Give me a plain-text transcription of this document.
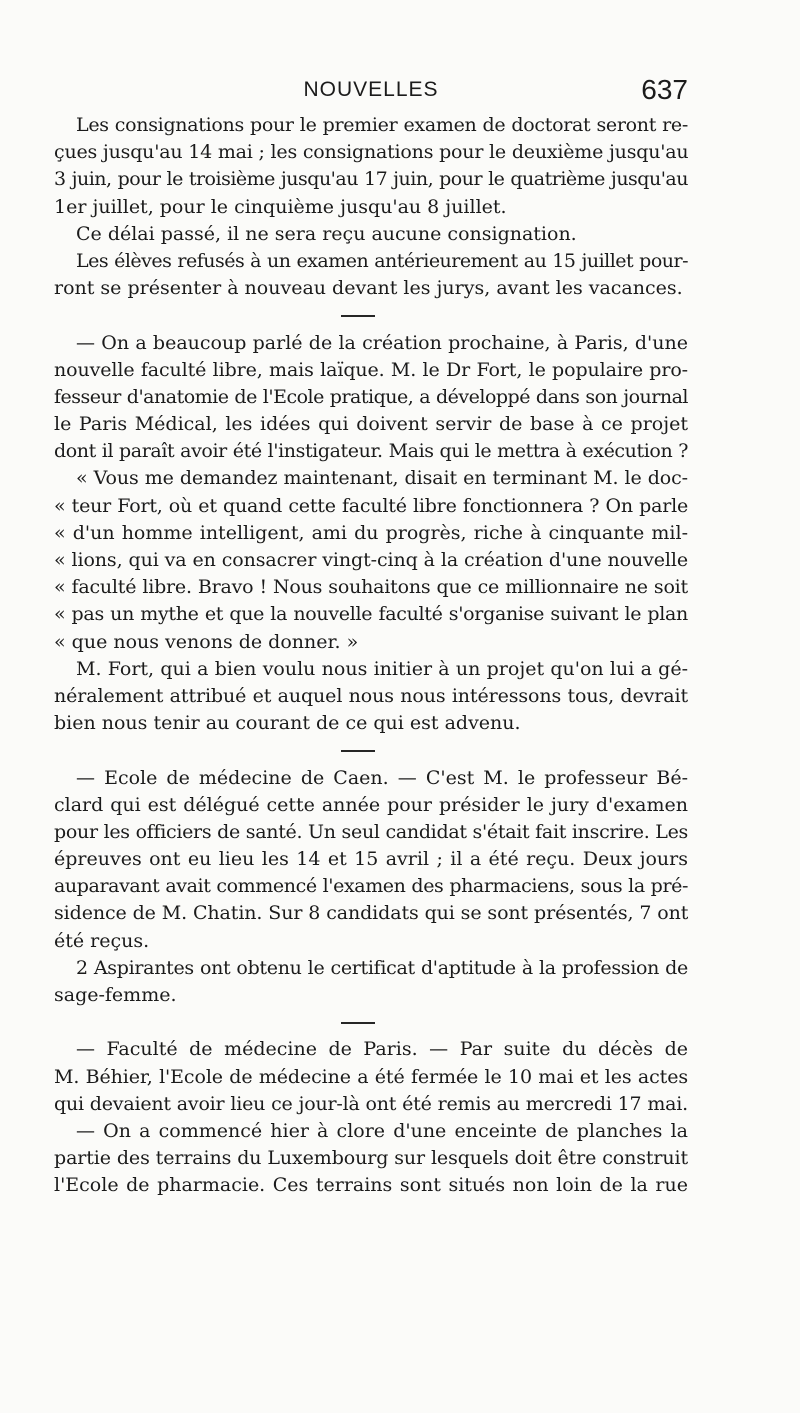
NOUVELLES	637
Les consignations pour le premier examen de doctorat seront re-
çues jusqu'au 14 mai ; les consignations pour le deuxième jusqu'au
3 juin, pour le troisième jusqu'au 17 juin, pour le quatrième jusqu'au
1er juillet, pour le cinquième jusqu'au 8 juillet.
Ce délai passé, il ne sera reçu aucune consignation.
Les élèves refusés à un examen antérieurement au 15 juillet pour-
ront se présenter à nouveau devant les jurys, avant les vacances.
— On a beaucoup parlé de la création prochaine, à Paris, d'une
nouvelle faculté libre, mais laïque. M. le Dr Fort, le populaire pro-
fesseur d'anatomie de l'Ecole pratique, a développé dans son journal
le Paris Médical, les idées qui doivent servir de base à ce projet
dont il paraît avoir été l'instigateur. Mais qui le mettra à exécution ?
« Vous me demandez maintenant, disait en terminant M. le doc-
« teur Fort, où et quand cette faculté libre fonctionnera ? On parle
« d'un homme intelligent, ami du progrès, riche à cinquante mil-
« lions, qui va en consacrer vingt-cinq à la création d'une nouvelle
« faculté libre. Bravo ! Nous souhaitons que ce millionnaire ne soit
« pas un mythe et que la nouvelle faculté s'organise suivant le plan
« que nous venons de donner. »
M. Fort, qui a bien voulu nous initier à un projet qu'on lui a gé-
néralement attribué et auquel nous nous intéressons tous, devrait
bien nous tenir au courant de ce qui est advenu.
— Ecole de médecine de Caen. — C'est M. le professeur Bé-
clard qui est délégué cette année pour présider le jury d'examen
pour les officiers de santé. Un seul candidat s'était fait inscrire. Les
épreuves ont eu lieu les 14 et 15 avril ; il a été reçu. Deux jours
auparavant avait commencé l'examen des pharmaciens, sous la pré-
sidence de M. Chatin. Sur 8 candidats qui se sont présentés, 7 ont
été reçus.
2 Aspirantes ont obtenu le certificat d'aptitude à la profession de
sage-femme.
— Faculté de médecine de Paris. — Par suite du décès de
M. Béhier, l'Ecole de médecine a été fermée le 10 mai et les actes
qui devaient avoir lieu ce jour-là ont été remis au mercredi 17 mai.
— On a commencé hier à clore d'une enceinte de planches la
partie des terrains du Luxembourg sur lesquels doit être construit
l'Ecole de pharmacie. Ces terrains sont situés non loin de la rue
